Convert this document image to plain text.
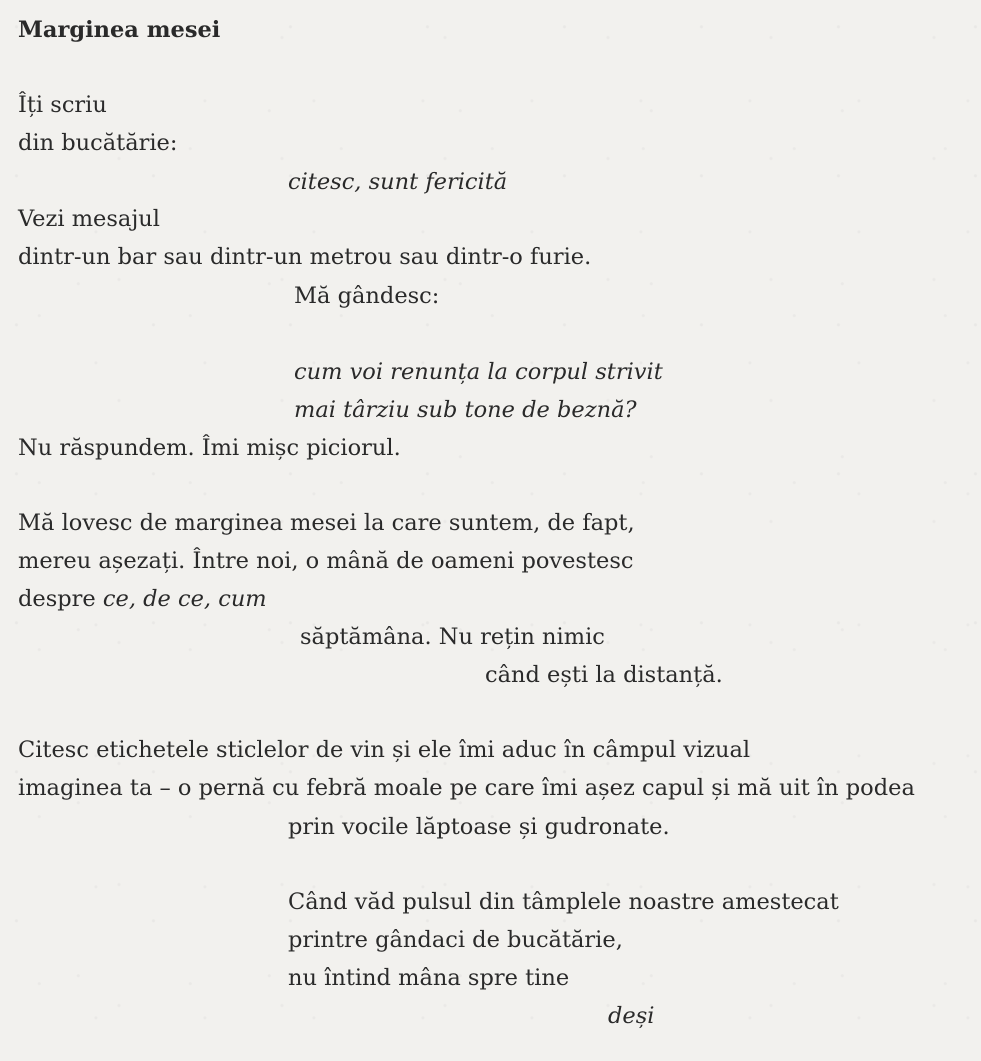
Marginea mesei
Îți scriu
din bucătărie:
citesc, sunt fericită
Vezi mesajul
dintr-un bar sau dintr-un metrou sau dintr-o furie.
Mă gândesc:
cum voi renunța la corpul strivit
mai târziu sub tone de beznă?
Nu răspundem. Îmi mișc piciorul.
Mă lovesc de marginea mesei la care suntem, de fapt,
mereu așezați. Între noi, o mână de oameni povestesc
despre ce, de ce, cum
săptămâna. Nu rețin nimic
când ești la distanță.
Citesc etichetele sticlelor de vin și ele îmi aduc în câmpul vizual
imaginea ta – o pernă cu febră moale pe care îmi așez capul și mă uit în podea
prin vocile lăptoase și gudronate.
Când văd pulsul din tâmplele noastre amestecat
printre gândaci de bucătărie,
nu întind mâna spre tine
deși
